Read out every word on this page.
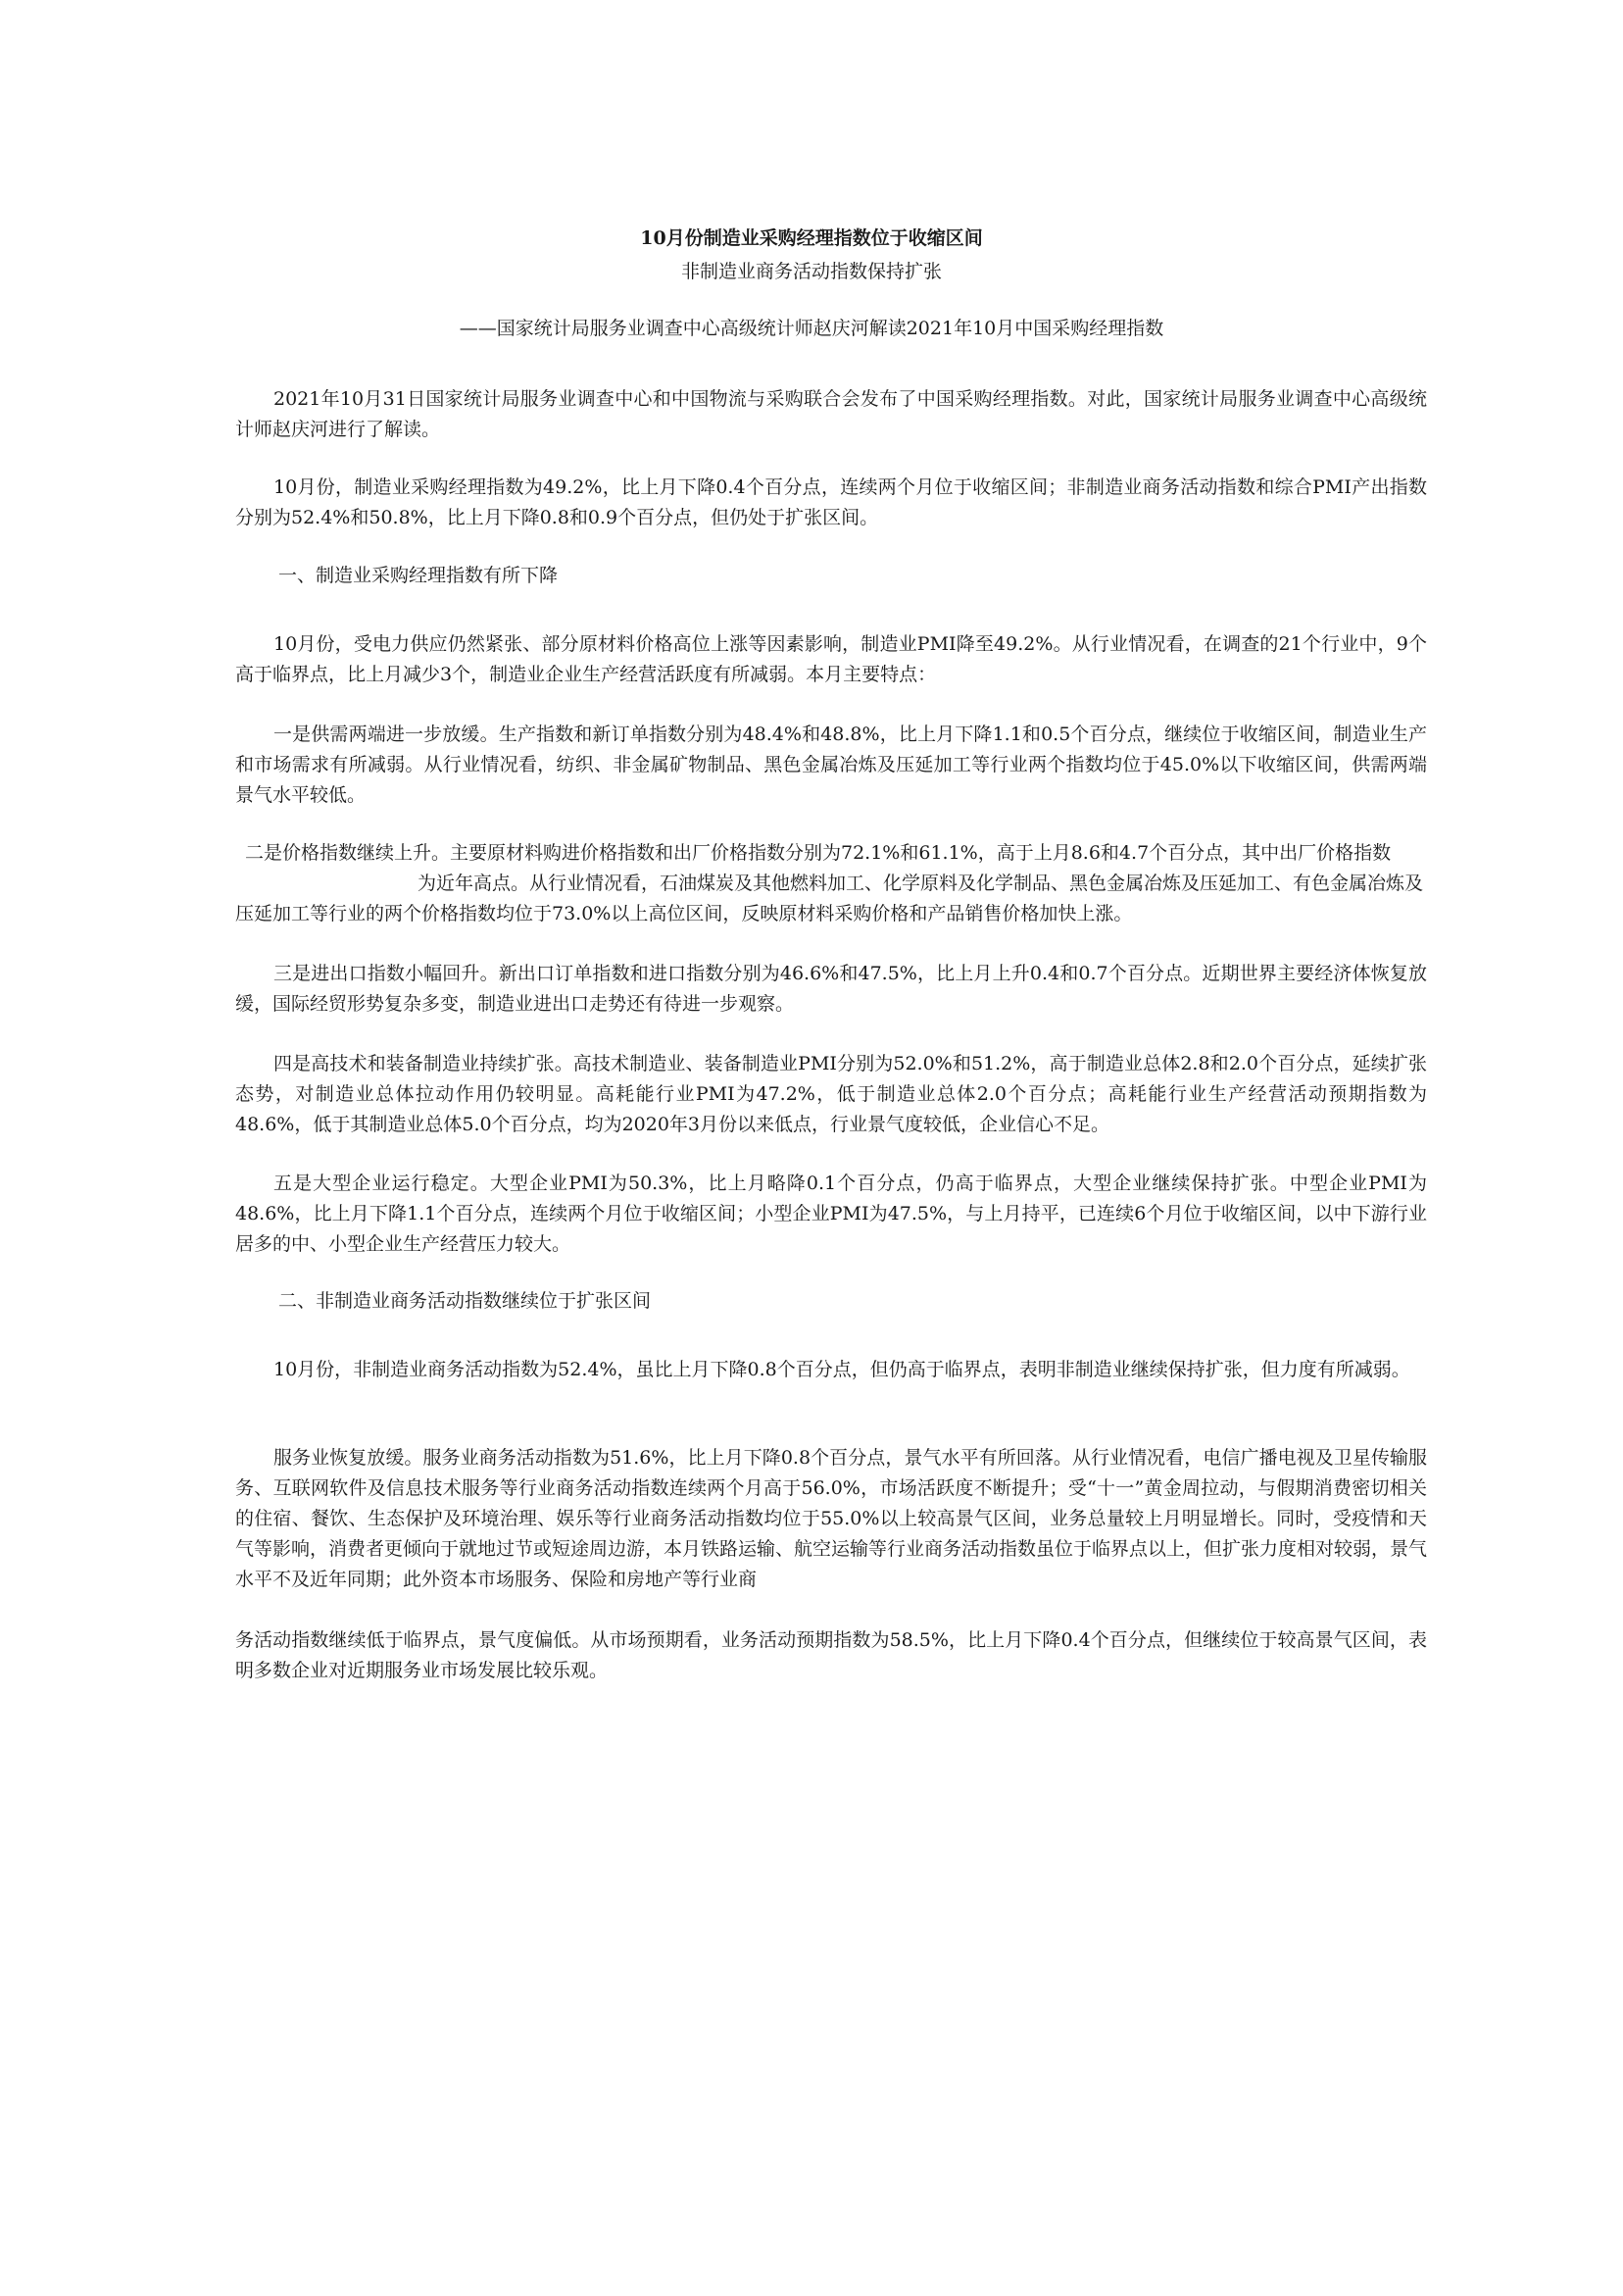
10月份制造业采购经理指数位于收缩区间
非制造业商务活动指数保持扩张
——国家统计局服务业调查中心高级统计师赵庆河解读2021年10月中国采购经理指数

2021年10月31日国家统计局服务业调查中心和中国物流与采购联合会发布了中国采购经理指数。对此，国家统计局服务业调查中心高级统计师赵庆河进行了解读。

10月份，制造业采购经理指数为49.2%，比上月下降0.4个百分点，连续两个月位于收缩区间；非制造业商务活动指数和综合PMI产出指数分别为52.4%和50.8%，比上月下降0.8和0.9个百分点，但仍处于扩张区间。

一、制造业采购经理指数有所下降

10月份，受电力供应仍然紧张、部分原材料价格高位上涨等因素影响，制造业PMI降至49.2%。从行业情况看，在调查的21个行业中，9个高于临界点，比上月减少3个，制造业企业生产经营活跃度有所减弱。本月主要特点：

一是供需两端进一步放缓。生产指数和新订单指数分别为48.4%和48.8%，比上月下降1.1和0.5个百分点，继续位于收缩区间，制造业生产和市场需求有所减弱。从行业情况看，纺织、非金属矿物制品、黑色金属冶炼及压延加工等行业两个指数均位于45.0%以下收缩区间，供需两端景气水平较低。

二是价格指数继续上升。主要原材料购进价格指数和出厂价格指数分别为72.1%和61.1%，高于上月8.6和4.7个百分点，其中出厂价格指数

为近年高点。从行业情况看，石油煤炭及其他燃料加工、化学原料及化学制品、黑色金属冶炼及压延加工、有色金属冶炼及压延加工等行业的两个价格指数均位于73.0%以上高位区间，反映原材料采购价格和产品销售价格加快上涨。

三是进出口指数小幅回升。新出口订单指数和进口指数分别为46.6%和47.5%，比上月上升0.4和0.7个百分点。近期世界主要经济体恢复放缓，国际经贸形势复杂多变，制造业进出口走势还有待进一步观察。

四是高技术和装备制造业持续扩张。高技术制造业、装备制造业PMI分别为52.0%和51.2%，高于制造业总体2.8和2.0个百分点，延续扩张态势，对制造业总体拉动作用仍较明显。高耗能行业PMI为47.2%，低于制造业总体2.0个百分点；高耗能行业生产经营活动预期指数为48.6%，低于其制造业总体5.0个百分点，均为2020年3月份以来低点，行业景气度较低，企业信心不足。

五是大型企业运行稳定。大型企业PMI为50.3%，比上月略降0.1个百分点，仍高于临界点，大型企业继续保持扩张。中型企业PMI为48.6%，比上月下降1.1个百分点，连续两个月位于收缩区间；小型企业PMI为47.5%，与上月持平，已连续6个月位于收缩区间，以中下游行业居多的中、小型企业生产经营压力较大。

二、非制造业商务活动指数继续位于扩张区间

10月份，非制造业商务活动指数为52.4%，虽比上月下降0.8个百分点，但仍高于临界点，表明非制造业继续保持扩张，但力度有所减弱。

服务业恢复放缓。服务业商务活动指数为51.6%，比上月下降0.8个百分点，景气水平有所回落。从行业情况看，电信广播电视及卫星传输服务、互联网软件及信息技术服务等行业商务活动指数连续两个月高于56.0%，市场活跃度不断提升；受“十一”黄金周拉动，与假期消费密切相关的住宿、餐饮、生态保护及环境治理、娱乐等行业商务活动指数均位于55.0%以上较高景气区间，业务总量较上月明显增长。同时，受疫情和天气等影响，消费者更倾向于就地过节或短途周边游，本月铁路运输、航空运输等行业商务活动指数虽位于临界点以上，但扩张力度相对较弱，景气水平不及近年同期；此外资本市场服务、保险和房地产等行业商

务活动指数继续低于临界点，景气度偏低。从市场预期看，业务活动预期指数为58.5%，比上月下降0.4个百分点，但继续位于较高景气区间，表明多数企业对近期服务业市场发展比较乐观。
